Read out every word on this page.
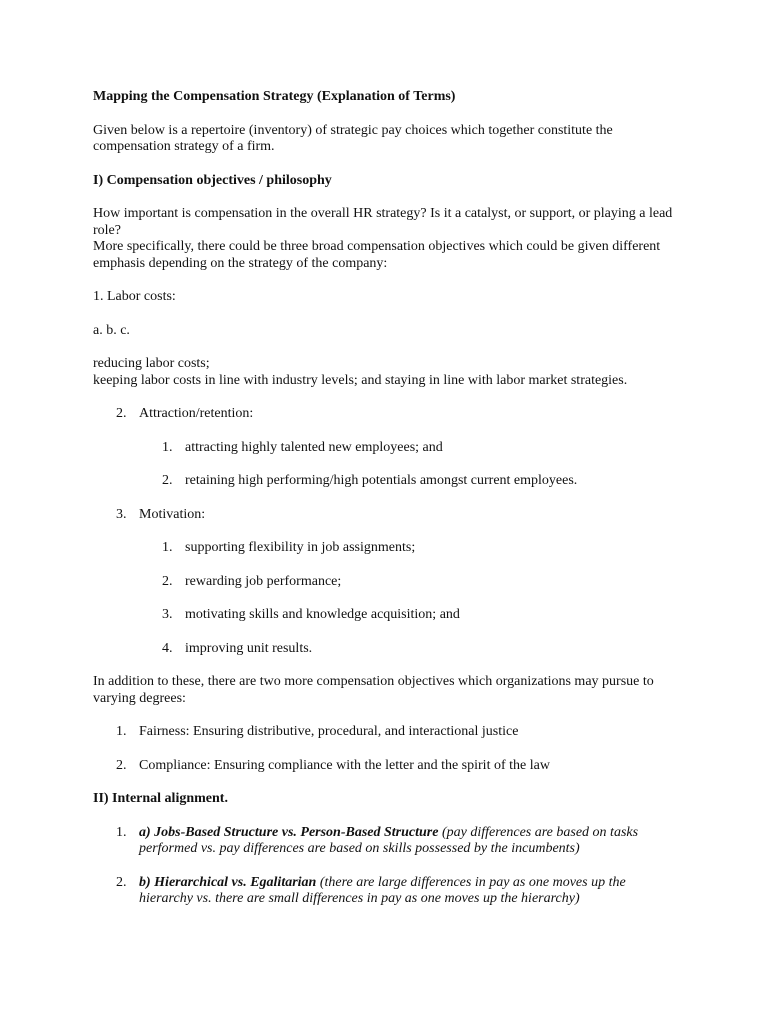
Mapping the Compensation Strategy (Explanation of Terms)

Given below is a repertoire (inventory) of strategic pay choices which together constitute the compensation strategy of a firm.

I) Compensation objectives / philosophy

How important is compensation in the overall HR strategy? Is it a catalyst, or support, or playing a lead role?

More specifically, there could be three broad compensation objectives which could be given different emphasis depending on the strategy of the company:

1. Labor costs:

a. b. c.

reducing labor costs;

keeping labor costs in line with industry levels; and staying in line with labor market strategies.

2. Attraction/retention:
1. attracting highly talented new employees; and
2. retaining high performing/high potentials amongst current employees.
3. Motivation:
1. supporting flexibility in job assignments;
2. rewarding job performance;
3. motivating skills and knowledge acquisition; and
4. improving unit results.

In addition to these, there are two more compensation objectives which organizations may pursue to varying degrees:

1. Fairness: Ensuring distributive, procedural, and interactional justice
2. Compliance: Ensuring compliance with the letter and the spirit of the law

II) Internal alignment.

1. a) Jobs-Based Structure vs. Person-Based Structure (pay differences are based on tasks performed vs. pay differences are based on skills possessed by the incumbents)
2. b) Hierarchical vs. Egalitarian (there are large differences in pay as one moves up the hierarchy vs. there are small differences in pay as one moves up the hierarchy)
